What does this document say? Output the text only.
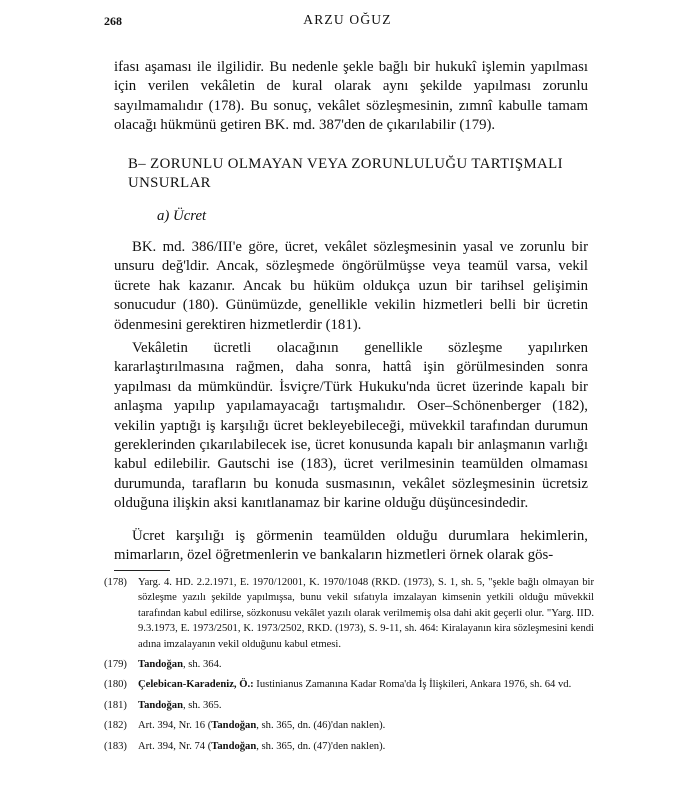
268	ARZU OĞUZ

ifası aşaması ile ilgilidir. Bu nedenle şekle bağlı bir hukukî işlemin yapılması için verilen vekâletin de kural olarak aynı şekilde yapılması zorunlu sayılmamalıdır (178). Bu sonuç, vekâlet sözleşmesinin, zımnî kabulle tamam olacağı hükmünü getiren BK. md. 387'den de çıkarılabilir (179).

B– ZORUNLU OLMAYAN VEYA ZORUNLULUĞU TARTIŞMALI UNSURLAR
a) Ücret

BK. md. 386/III'e göre, ücret, vekâlet sözleşmesinin yasal ve zorunlu bir unsuru değ'ldir. Ancak, sözleşmede öngörülmüşse veya teamül varsa, vekil ücrete hak kazanır. Ancak bu hüküm oldukça uzun bir tarihsel gelişimin sonucudur (180). Günümüzde, genellikle vekilin hizmetleri belli bir ücretin ödenmesini gerektiren hizmetlerdir (181).

Vekâletin ücretli olacağının genellikle sözleşme yapılırken kararlaştırılmasına rağmen, daha sonra, hattâ işin görülmesinden sonra yapılması da mümkündür. İsviçre/Türk Hukuku'nda ücret üzerinde kapalı bir anlaşma yapılıp yapılamayacağı tartışmalıdır. Oser–Schönenberger (182), vekilin yaptığı iş karşılığı ücret bekleyebileceği, müvekkil tarafından durumun gereklerinden çıkarılabilecek ise, ücret konusunda kapalı bir anlaşmanın varlığı kabul edilebilir. Gautschi ise (183), ücret verilmesinin teamülden olmaması durumunda, tarafların bu konuda susmasının, vekâlet sözleşmesinin ücretsiz olduğuna ilişkin aksi kanıtlanamaz bir karine olduğu düşüncesindedir.

Ücret karşılığı iş görmenin teamülden olduğu durumlara hekimlerin, mimarların, özel öğretmenlerin ve bankaların hizmetleri örnek olarak gös-

(178)	Yarg. 4. HD. 2.2.1971, E. 1970/12001, K. 1970/1048 (RKD. (1973), S. 1, sh. 5, "şekle bağlı olmayan bir sözleşme yazılı şekilde yapılmışsa, bunu vekil sıfatıyla imzalayan kimsenin yetkili olduğu müvekkil tarafından kabul edilirse, sözkonusu vekâlet yazılı olarak verilmemiş olsa dahi akit geçerli olur. "Yarg. IID. 9.3.1973, E. 1973/2501, K. 1973/2502, RKD. (1973), S. 9-11, sh. 464: Kiralayanın kira sözleşmesini kendi adına imzalayanın vekil olduğunu kabul etmesi.
(179)	Tandoğan, sh. 364.
(180)	Çelebican-Karadeniz, Ö.: Iustinianus Zamanına Kadar Roma'da İş İlişkileri, Ankara 1976, sh. 64 vd.
(181)	Tandoğan, sh. 365.
(182)	Art. 394, Nr. 16 (Tandoğan, sh. 365, dn. (46)'dan naklen).
(183)	Art. 394, Nr. 74 (Tandoğan, sh. 365, dn. (47)'den naklen).
